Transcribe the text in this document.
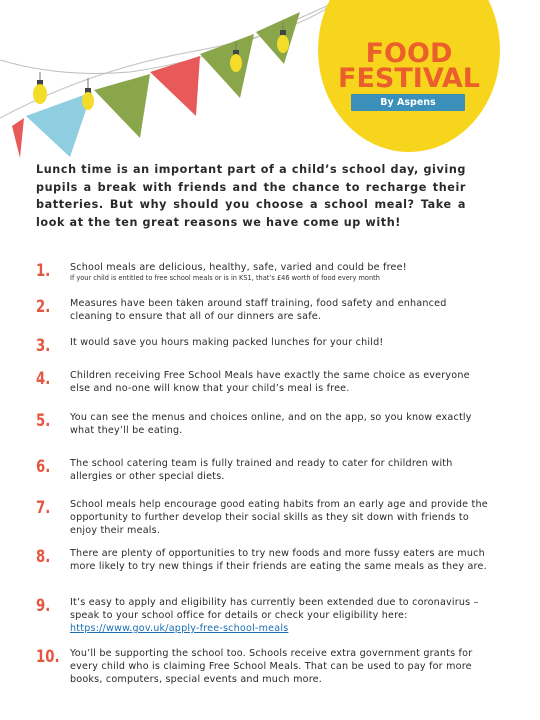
FOOD
FESTIVAL
By Aspens

Lunch time is an important part of a child’s school day, giving pupils a break with friends and the chance to recharge their batteries. But why should you choose a school meal? Take a look at the ten great reasons we have come up with!

1. School meals are delicious, healthy, safe, varied and could be free!
If your child is entitled to free school meals or is in KS1, that’s £46 worth of food every month
2. Measures have been taken around staff training, food safety and enhanced cleaning to ensure that all of our dinners are safe.
3. It would save you hours making packed lunches for your child!
4. Children receiving Free School Meals have exactly the same choice as everyone else and no-one will know that your child’s meal is free.
5. You can see the menus and choices online, and on the app, so you know exactly what they’ll be eating.
6. The school catering team is fully trained and ready to cater for children with allergies or other special diets.
7. School meals help encourage good eating habits from an early age and provide the opportunity to further develop their social skills as they sit down with friends to enjoy their meals.
8. There are plenty of opportunities to try new foods and more fussy eaters are much more likely to try new things if their friends are eating the same meals as they are.
9. It’s easy to apply and eligibility has currently been extended due to coronavirus – speak to your school office for details or check your eligibility here: https://www.gov.uk/apply-free-school-meals
10. You’ll be supporting the school too. Schools receive extra government grants for every child who is claiming Free School Meals. That can be used to pay for more books, computers, special events and much more.
